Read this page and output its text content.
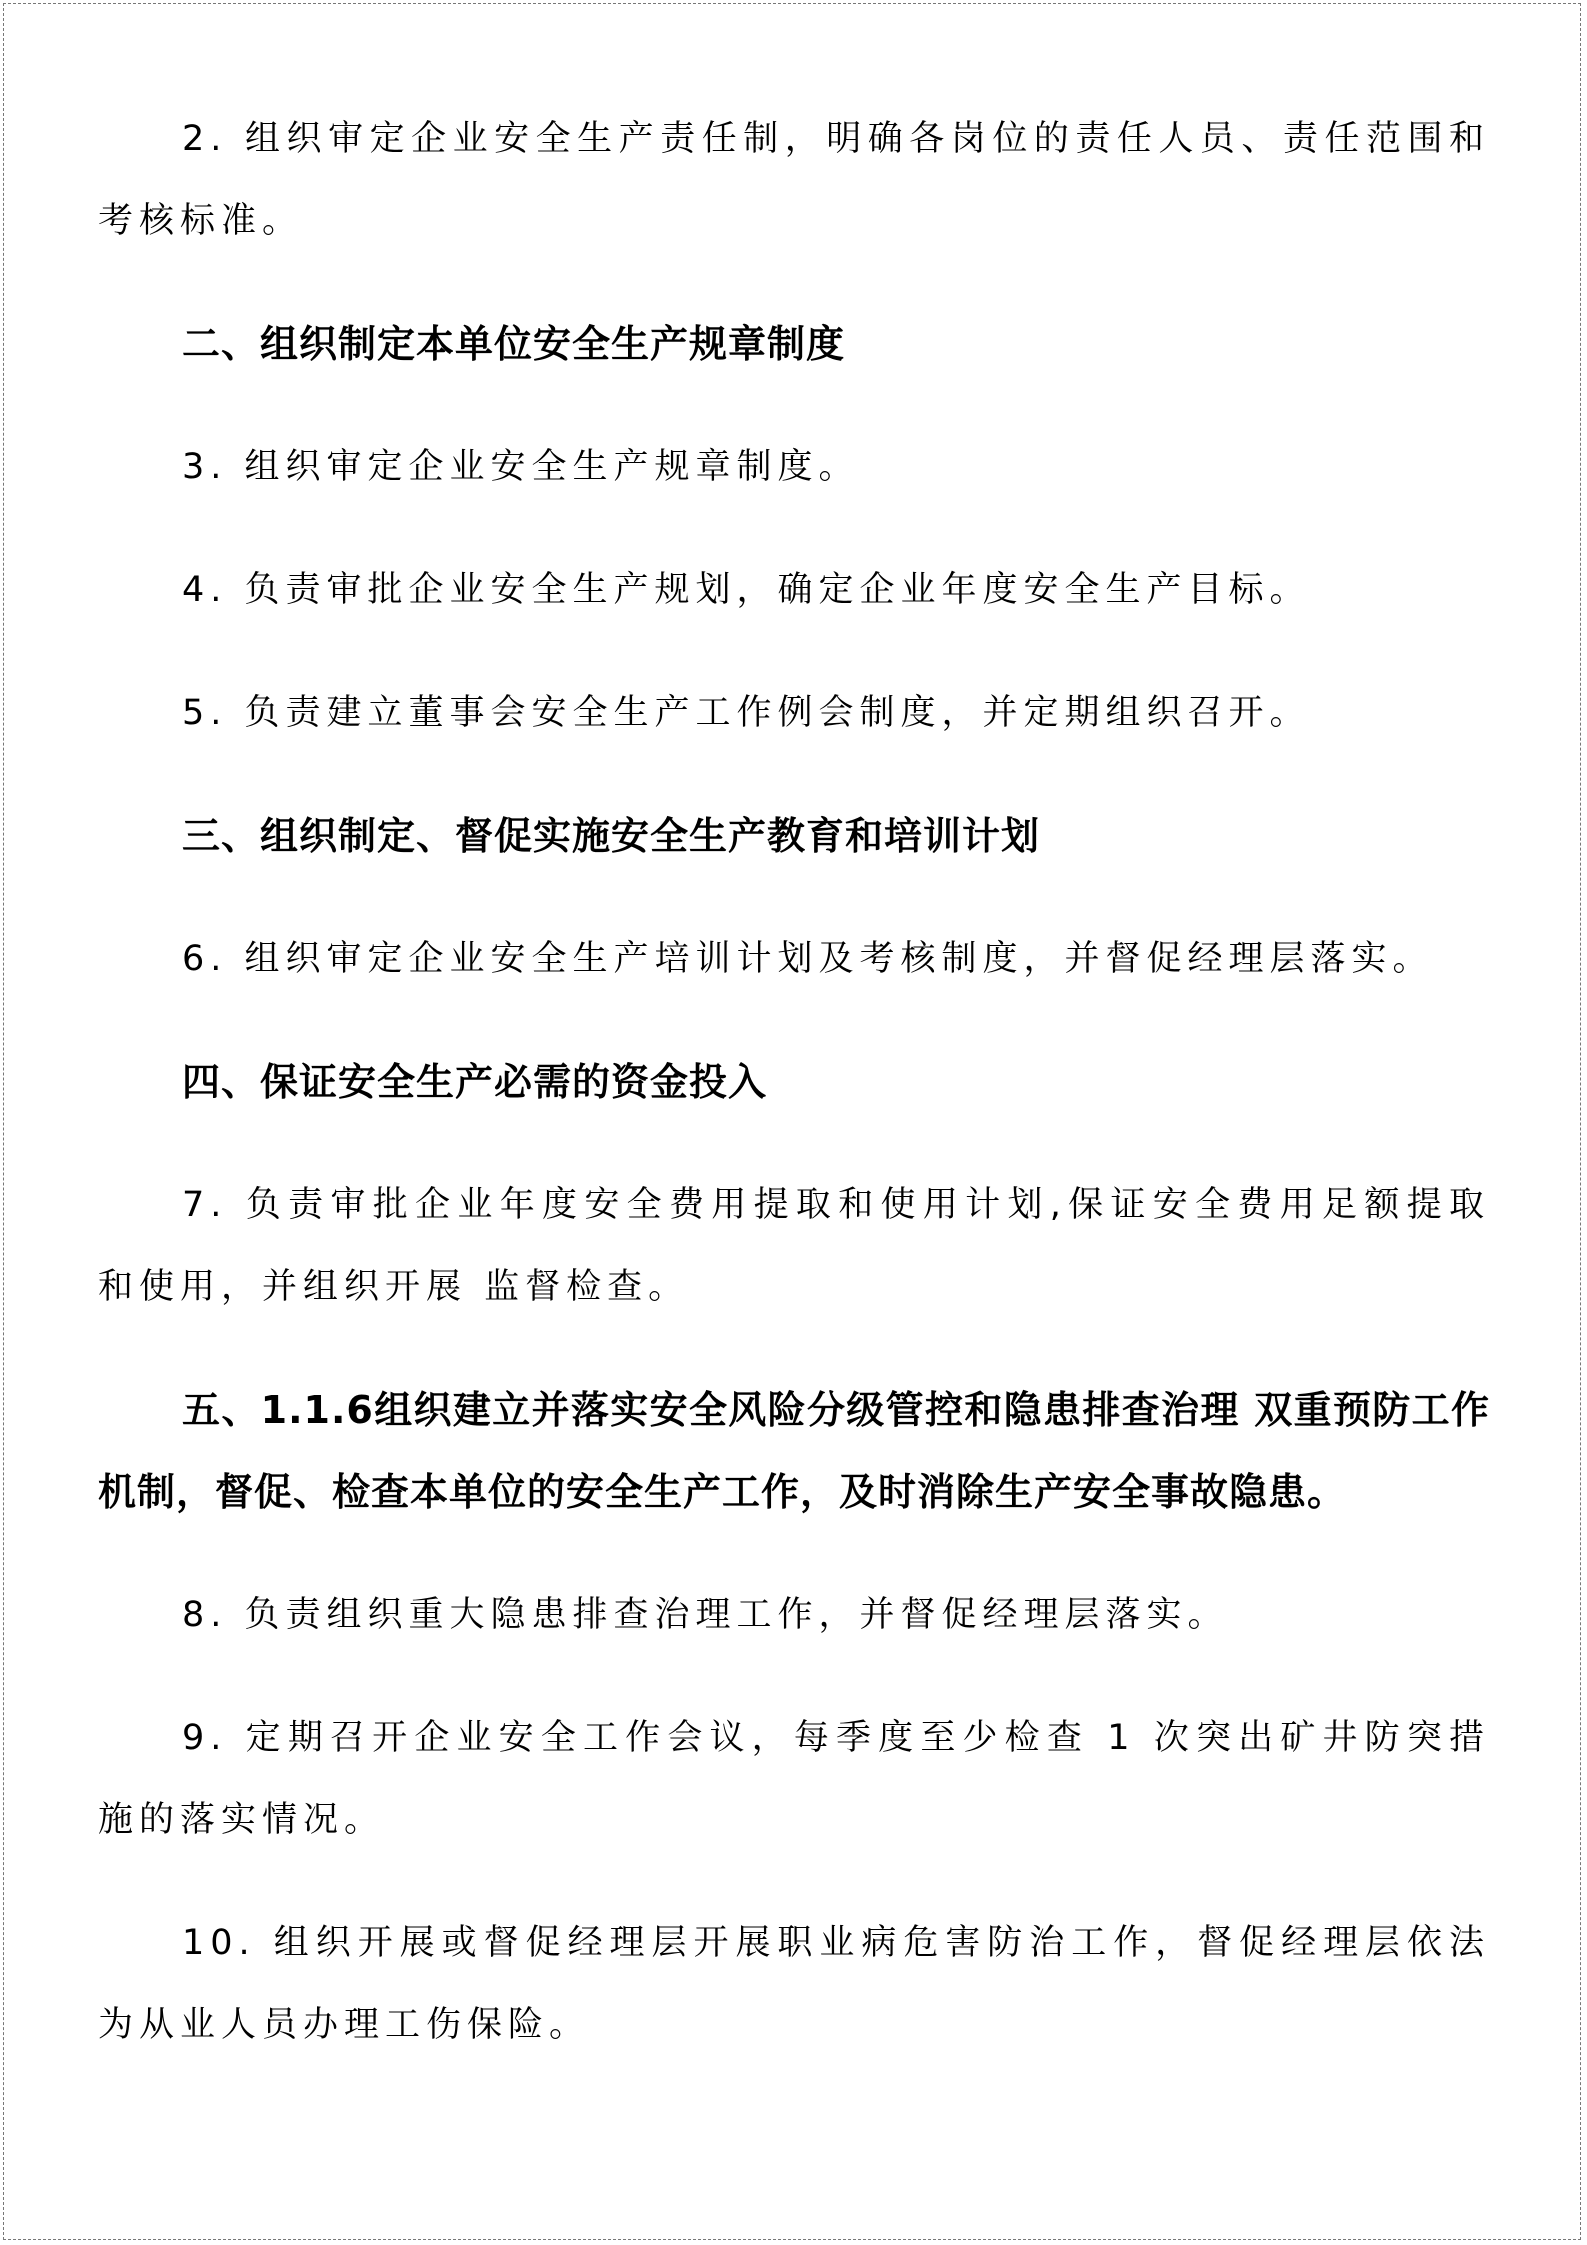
2. 组织审定企业安全生产责任制，明确各岗位的责任人员、责任范围和考核标准。

二、组织制定本单位安全生产规章制度

3. 组织审定企业安全生产规章制度。

4. 负责审批企业安全生产规划，确定企业年度安全生产目标。

5. 负责建立董事会安全生产工作例会制度，并定期组织召开。

三、组织制定、督促实施安全生产教育和培训计划

6. 组织审定企业安全生产培训计划及考核制度，并督促经理层落实。

四、保证安全生产必需的资金投入

7. 负责审批企业年度安全费用提取和使用计划,保证安全费用足额提取和使用，并组织开展 监督检查。

五、1.1.6组织建立并落实安全风险分级管控和隐患排查治理 双重预防工作机制，督促、检查本单位的安全生产工作，及时消除生产安全事故隐患。

8. 负责组织重大隐患排查治理工作，并督促经理层落实。

9. 定期召开企业安全工作会议，每季度至少检查 1 次突出矿井防突措施的落实情况。

10. 组织开展或督促经理层开展职业病危害防治工作，督促经理层依法为从业人员办理工伤保险。
